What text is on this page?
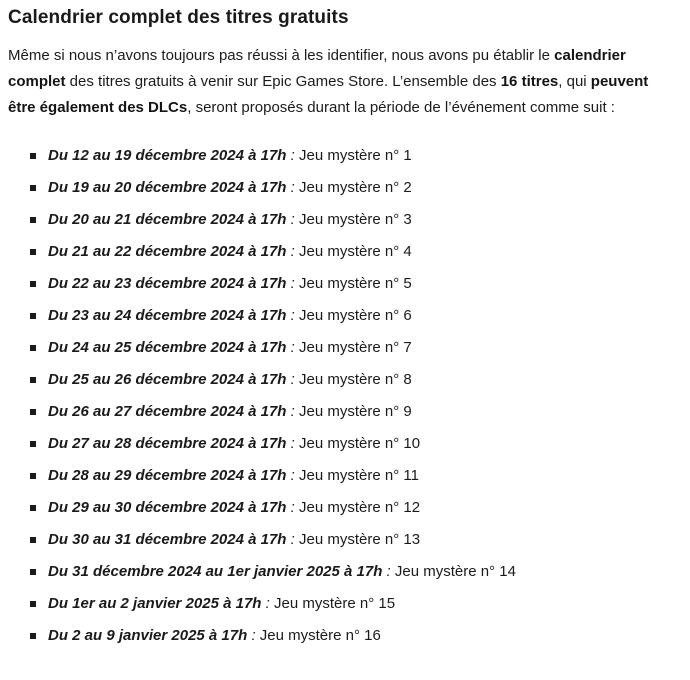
Calendrier complet des titres gratuits

Même si nous n’avons toujours pas réussi à les identifier, nous avons pu établir le calendrier complet des titres gratuits à venir sur Epic Games Store. L’ensemble des 16 titres, qui peuvent être également des DLCs, seront proposés durant la période de l’événement comme suit :

Du 12 au 19 décembre 2024 à 17h : Jeu mystère n° 1
Du 19 au 20 décembre 2024 à 17h : Jeu mystère n° 2
Du 20 au 21 décembre 2024 à 17h : Jeu mystère n° 3
Du 21 au 22 décembre 2024 à 17h : Jeu mystère n° 4
Du 22 au 23 décembre 2024 à 17h : Jeu mystère n° 5
Du 23 au 24 décembre 2024 à 17h : Jeu mystère n° 6
Du 24 au 25 décembre 2024 à 17h : Jeu mystère n° 7
Du 25 au 26 décembre 2024 à 17h : Jeu mystère n° 8
Du 26 au 27 décembre 2024 à 17h : Jeu mystère n° 9
Du 27 au 28 décembre 2024 à 17h : Jeu mystère n° 10
Du 28 au 29 décembre 2024 à 17h : Jeu mystère n° 11
Du 29 au 30 décembre 2024 à 17h : Jeu mystère n° 12
Du 30 au 31 décembre 2024 à 17h : Jeu mystère n° 13
Du 31 décembre 2024 au 1er janvier 2025 à 17h : Jeu mystère n° 14
Du 1er au 2 janvier 2025 à 17h : Jeu mystère n° 15
Du 2 au 9 janvier 2025 à 17h : Jeu mystère n° 16
